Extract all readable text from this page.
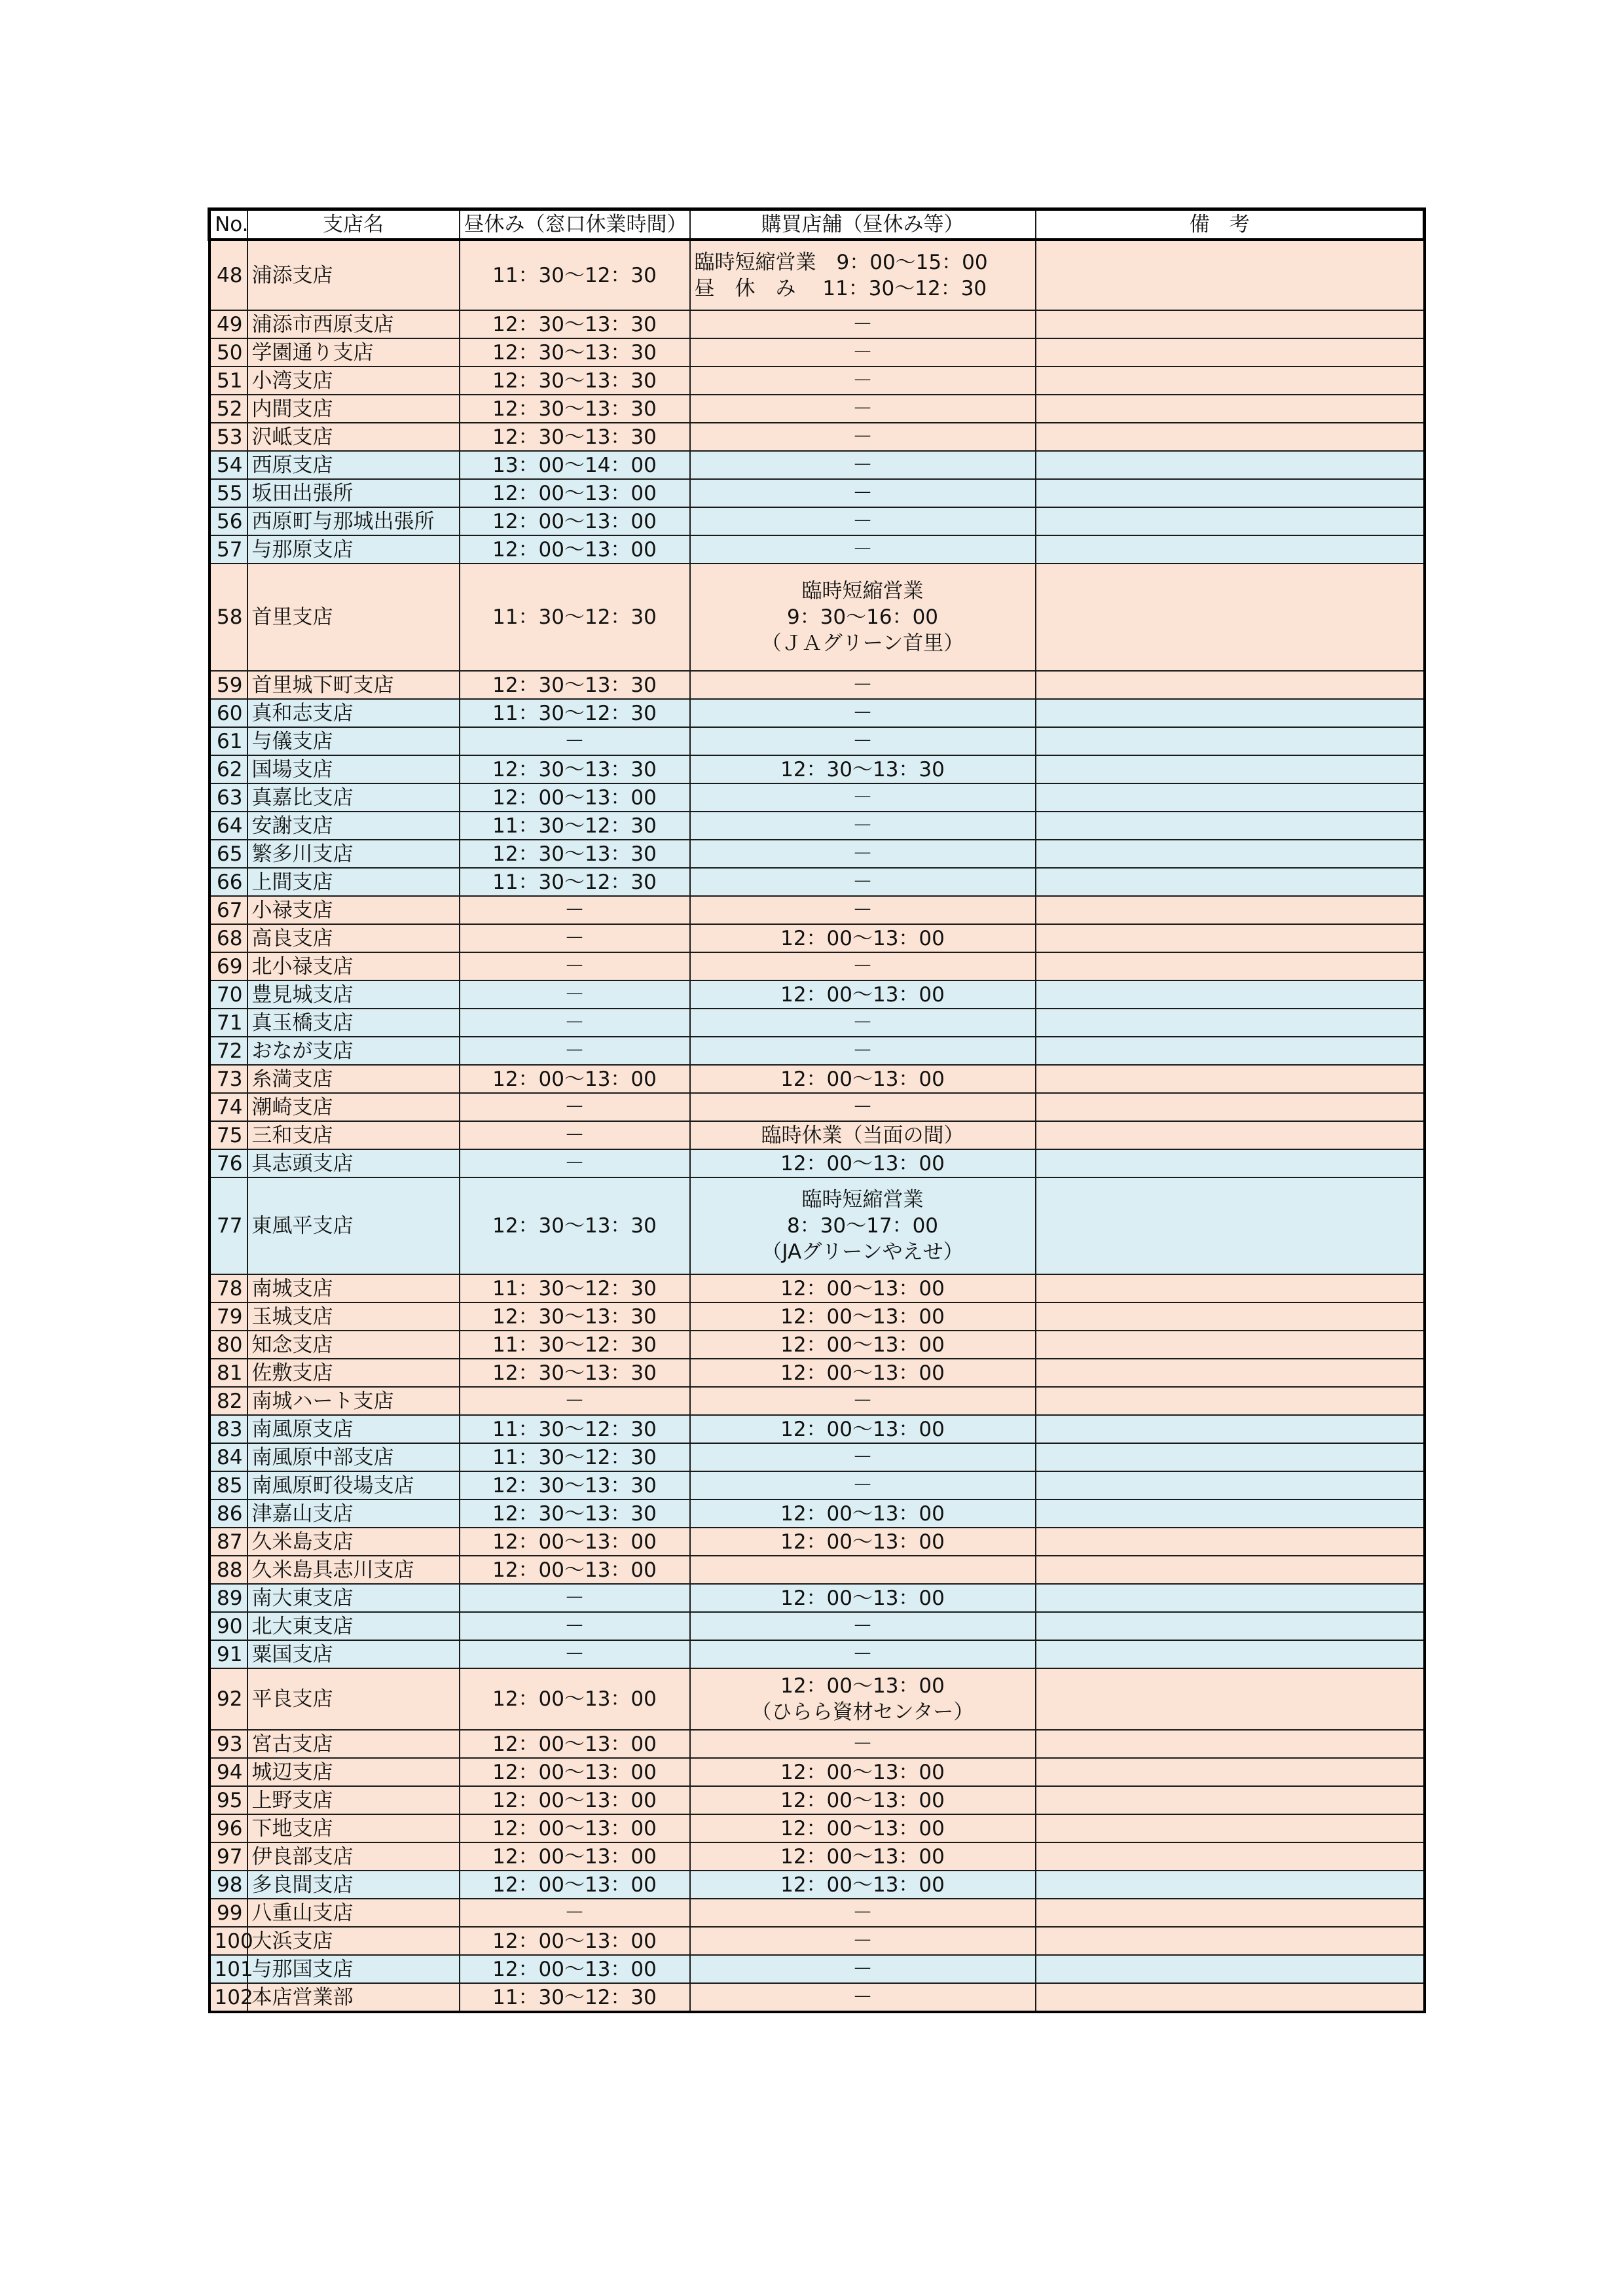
No.	支店名	昼休み（窓口休業時間）	購買店舗（昼休み等）	備考
48	浦添支店	11：30～12：30	臨時短縮営業　9：00～15：00
昼　休　み　 11：30～12：30	

49	浦添市西原支店	12：30～13：30	－	

50	学園通り支店	12：30～13：30	－	

51	小湾支店	12：30～13：30	－	

52	内間支店	12：30～13：30	－	

53	沢岻支店	12：30～13：30	－	

54	西原支店	13：00～14：00	－	

55	坂田出張所	12：00～13：00	－	

56	西原町与那城出張所	12：00～13：00	－	

57	与那原支店	12：00～13：00	－	

58	首里支店	11：30～12：30	臨時短縮営業
9：30～16：00
（ＪＡグリーン首里）	

59	首里城下町支店	12：30～13：30	－	

60	真和志支店	11：30～12：30	－	

61	与儀支店	－	－	

62	国場支店	12：30～13：30	12：30～13：30	

63	真嘉比支店	12：00～13：00	－	

64	安謝支店	11：30～12：30	－	

65	繁多川支店	12：30～13：30	－	

66	上間支店	11：30～12：30	－	

67	小禄支店	－	－	

68	高良支店	－	12：00～13：00	

69	北小禄支店	－	－	

70	豊見城支店	－	12：00～13：00	

71	真玉橋支店	－	－	

72	おなが支店	－	－	

73	糸満支店	12：00～13：00	12：00～13：00	

74	潮崎支店	－	－	

75	三和支店	－	臨時休業（当面の間）	

76	具志頭支店	－	12：00～13：00	

77	東風平支店	12：30～13：30	臨時短縮営業
8：30～17：00
（JAグリーンやえせ）	

78	南城支店	11：30～12：30	12：00～13：00	

79	玉城支店	12：30～13：30	12：00～13：00	

80	知念支店	11：30～12：30	12：00～13：00	

81	佐敷支店	12：30～13：30	12：00～13：00	

82	南城ハート支店	－	－	

83	南風原支店	11：30～12：30	12：00～13：00	

84	南風原中部支店	11：30～12：30	－	

85	南風原町役場支店	12：30～13：30	－	

86	津嘉山支店	12：30～13：30	12：00～13：00	

87	久米島支店	12：00～13：00	12：00～13：00	

88	久米島具志川支店	12：00～13：00	

89	南大東支店	－	12：00～13：00	

90	北大東支店	－	－	

91	粟国支店	－	－	

92	平良支店	12：00～13：00	12：00～13：00
（ひらら資材センター）	

93	宮古支店	12：00～13：00	－	

94	城辺支店	12：00～13：00	12：00～13：00	

95	上野支店	12：00～13：00	12：00～13：00	

96	下地支店	12：00～13：00	12：00～13：00	

97	伊良部支店	12：00～13：00	12：00～13：00	

98	多良間支店	12：00～13：00	12：00～13：00	

99	八重山支店	－	－	

100	大浜支店	12：00～13：00	－	

101	与那国支店	12：00～13：00	－	

102	本店営業部	11：30～12：30	－	
